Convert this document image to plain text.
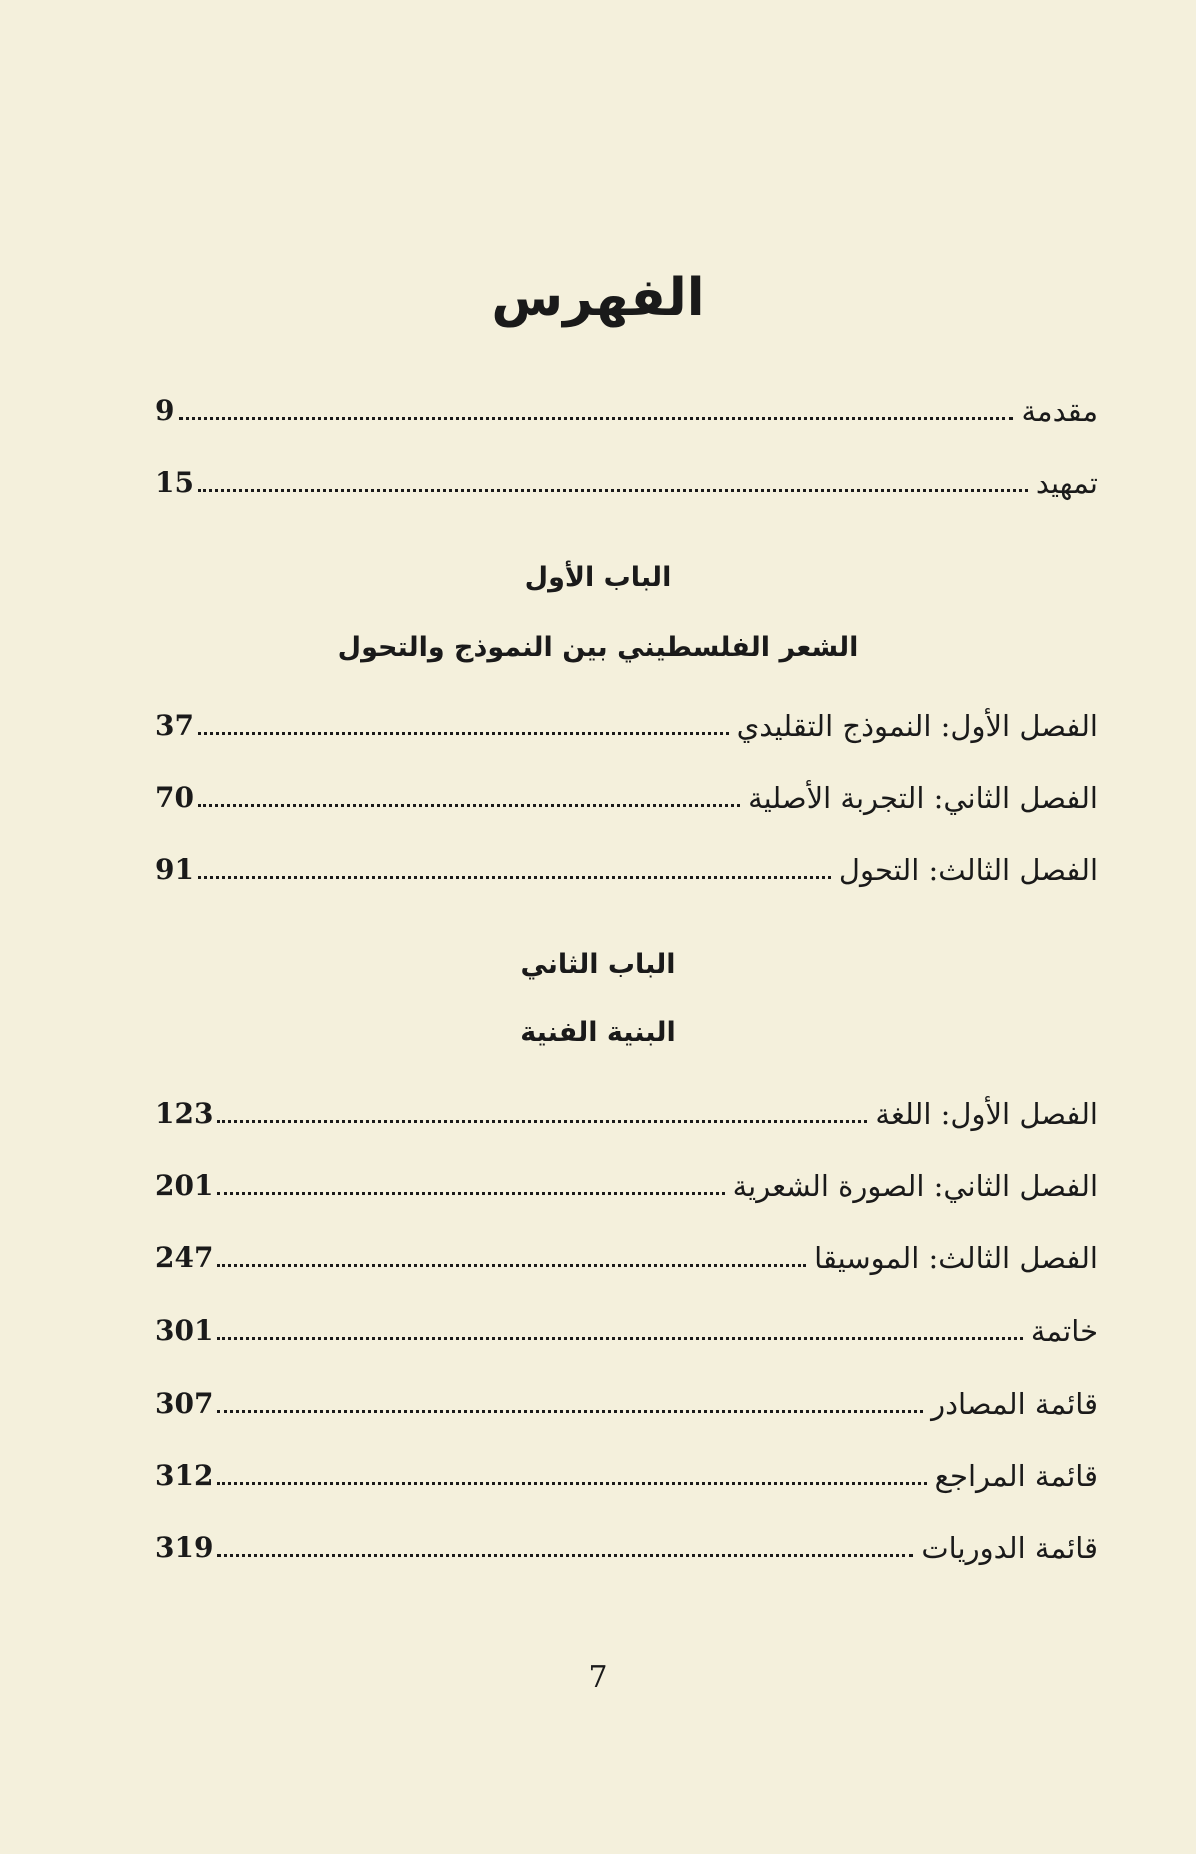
الفهرس
مقدمة
9
تمهيد
15
الباب الأول
الشعر الفلسطيني بين النموذج والتحول
الفصل الأول: النموذج التقليدي
37
الفصل الثاني: التجربة الأصلية
70
الفصل الثالث: التحول
91
الباب الثاني
البنية الفنية
الفصل الأول: اللغة
123
الفصل الثاني: الصورة الشعرية
201
الفصل الثالث: الموسيقا
247
خاتمة
301
قائمة المصادر
307
قائمة المراجع
312
قائمة الدوريات
319
7
